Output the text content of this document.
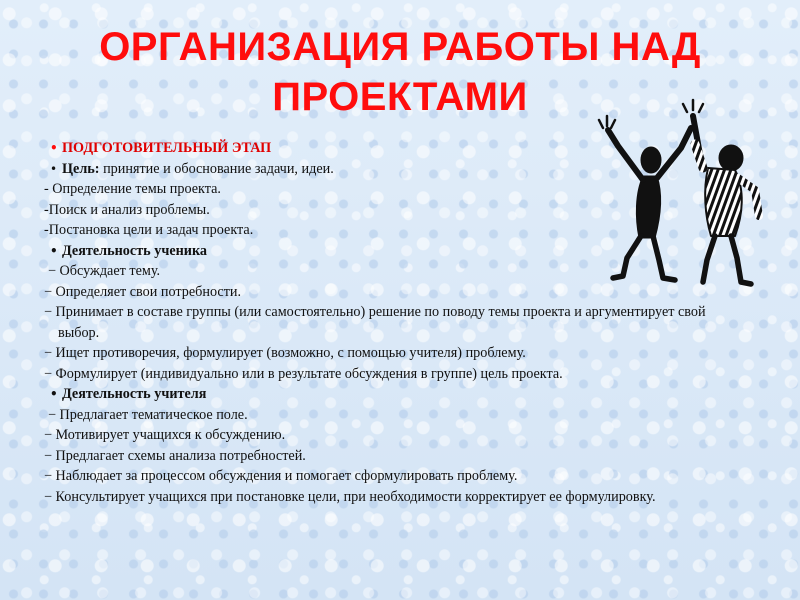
ОРГАНИЗАЦИЯ РАБОТЫ НАД
ПРОЕКТАМИ

• ПОДГОТОВИТЕЛЬНЫЙ ЭТАП

• Цель: принятие и обоснование задачи, идеи.

- Определение темы проекта.

-Поиск и анализ проблемы.

-Постановка цели и задач проекта.

• Деятельность ученика

− Обсуждает тему.

− Определяет свои потребности.

− Принимает в составе группы (или самостоятельно) решение по поводу темы проекта и аргументирует свой выбор.

− Ищет противоречия, формулирует (возможно, с помощью учителя) проблему.

− Формулирует (индивидуально или в результате обсуждения в группе) цель проекта.

• Деятельность учителя

− Предлагает тематическое поле.

− Мотивирует учащихся к обсуждению.

− Предлагает схемы анализа потребностей.

− Наблюдает за процессом обсуждения и помогает сформулировать проблему.

− Консультирует учащихся при постановке цели, при необходимости корректирует ее формулировку.
